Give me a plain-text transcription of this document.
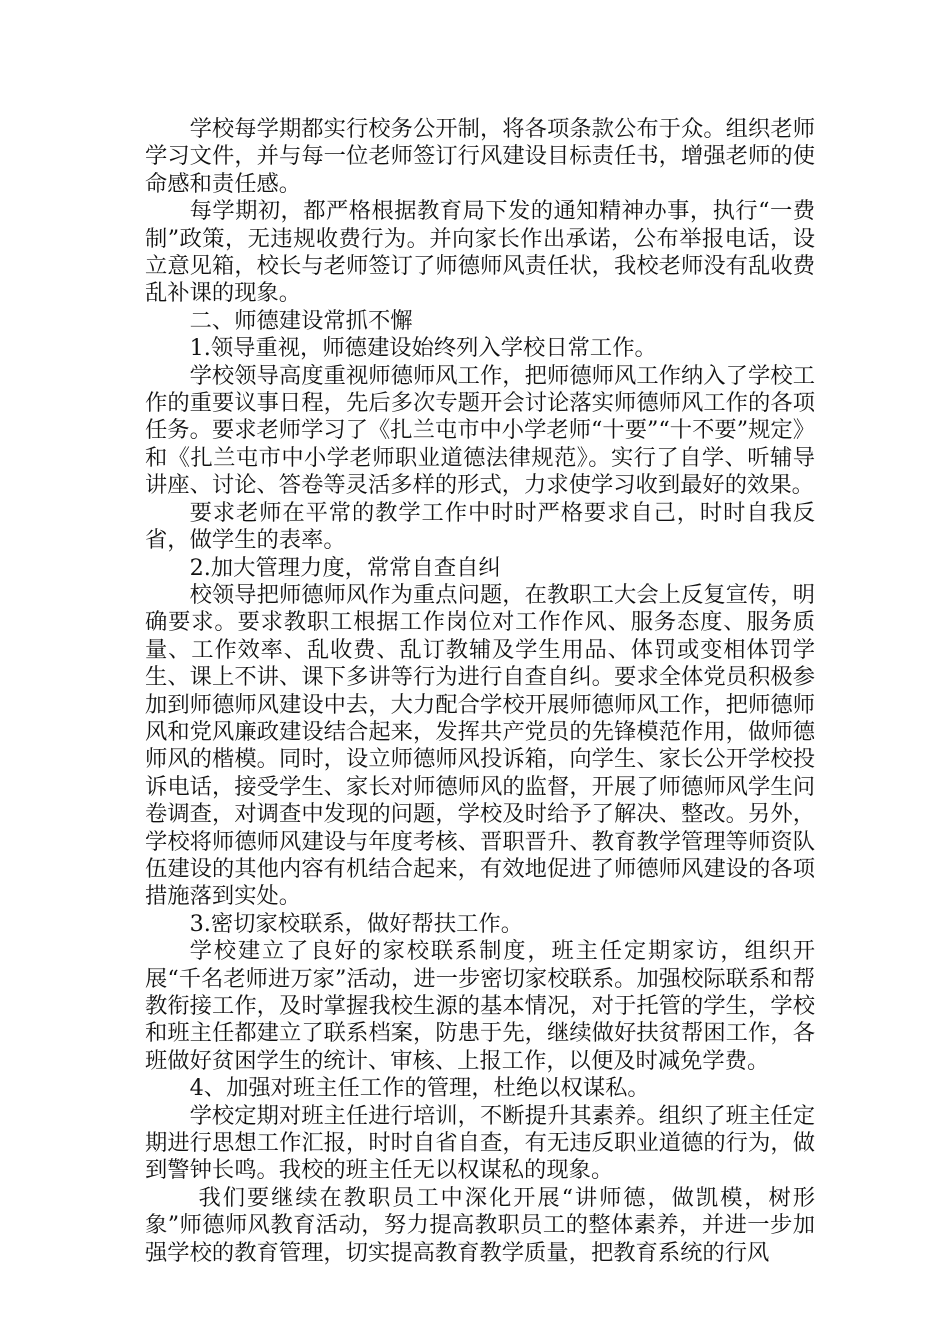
学校每学期都实行校务公开制，将各项条款公布于众。组织老师学习文件，并与每一位老师签订行风建设目标责任书，增强老师的使命感和责任感。

每学期初，都严格根据教育局下发的通知精神办事，执行“一费制”政策，无违规收费行为。并向家长作出承诺，公布举报电话，设立意见箱，校长与老师签订了师德师风责任状，我校老师没有乱收费乱补课的现象。

二、师德建设常抓不懈

1.领导重视，师德建设始终列入学校日常工作。

学校领导高度重视师德师风工作，把师德师风工作纳入了学校工作的重要议事日程，先后多次专题开会讨论落实师德师风工作的各项任务。要求老师学习了《扎兰屯市中小学老师“十要”“十不要”规定》和《扎兰屯市中小学老师职业道德法律规范》。实行了自学、听辅导讲座、讨论、答卷等灵活多样的形式，力求使学习收到最好的效果。

要求老师在平常的教学工作中时时严格要求自己，时时自我反省，做学生的表率。

2.加大管理力度，常常自查自纠

校领导把师德师风作为重点问题，在教职工大会上反复宣传，明确要求。要求教职工根据工作岗位对工作作风、服务态度、服务质量、工作效率、乱收费、乱订教辅及学生用品、体罚或变相体罚学生、课上不讲、课下多讲等行为进行自查自纠。要求全体党员积极参加到师德师风建设中去，大力配合学校开展师德师风工作，把师德师风和党风廉政建设结合起来，发挥共产党员的先锋模范作用，做师德师风的楷模。同时，设立师德师风投诉箱，向学生、家长公开学校投诉电话，接受学生、家长对师德师风的监督，开展了师德师风学生问卷调查，对调查中发现的问题，学校及时给予了解决、整改。另外，学校将师德师风建设与年度考核、晋职晋升、教育教学管理等师资队伍建设的其他内容有机结合起来，有效地促进了师德师风建设的各项措施落到实处。

3.密切家校联系，做好帮扶工作。

学校建立了良好的家校联系制度，班主任定期家访，组织开展“千名老师进万家”活动，进一步密切家校联系。加强校际联系和帮教衔接工作，及时掌握我校生源的基本情况，对于托管的学生，学校和班主任都建立了联系档案，防患于先，继续做好扶贫帮困工作，各班做好贫困学生的统计、审核、上报工作，以便及时减免学费。

4、加强对班主任工作的管理，杜绝以权谋私。

学校定期对班主任进行培训，不断提升其素养。组织了班主任定期进行思想工作汇报，时时自省自查，有无违反职业道德的行为，做到警钟长鸣。我校的班主任无以权谋私的现象。

我们要继续在教职员工中深化开展“讲师德，做凯模，树形象”师德师风教育活动，努力提高教职员工的整体素养，并进一步加强学校的教育管理，切实提高教育教学质量，把教育系统的行风
